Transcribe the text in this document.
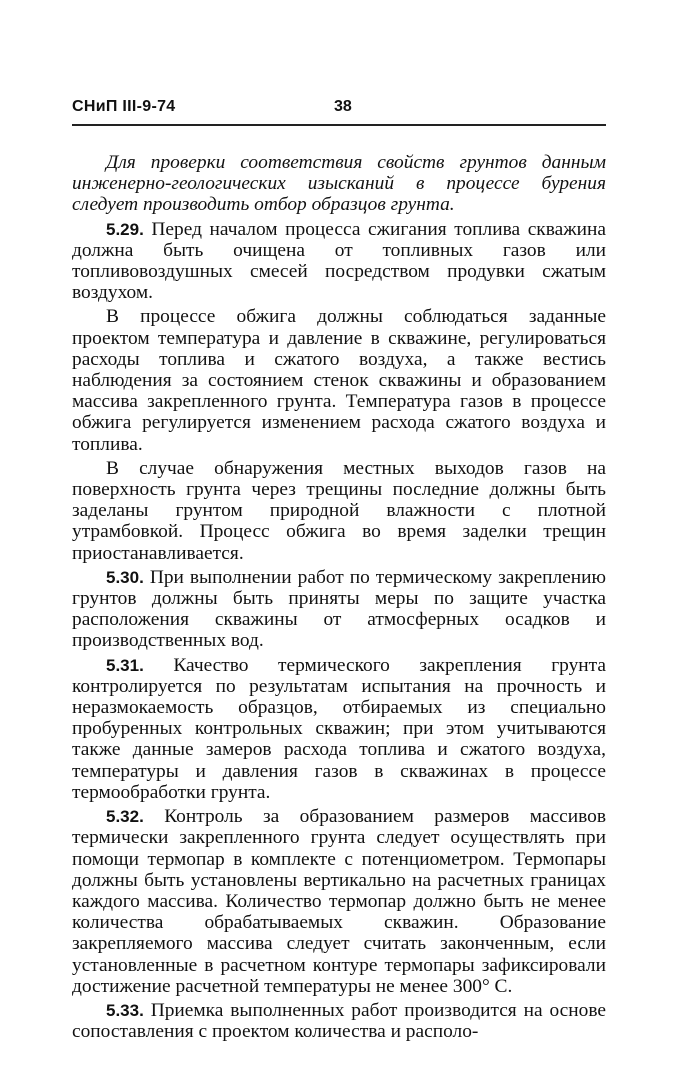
СНиП III-9-74	38

Для проверки соответствия свойств грунтов данным инженерно-геологических изысканий в процессе бурения следует производить отбор образцов грунта.

5.29. Перед началом процесса сжигания топлива скважина должна быть очищена от топливных газов или топливовоздушных смесей посредством продувки сжатым воздухом.

В процессе обжига должны соблюдаться заданные проектом температура и давление в скважине, регулироваться расходы топлива и сжатого воздуха, а также вестись наблюдения за состоянием стенок скважины и образованием массива закрепленного грунта. Температура газов в процессе обжига регулируется изменением расхода сжатого воздуха и топлива.

В случае обнаружения местных выходов газов на поверхность грунта через трещины последние должны быть заделаны грунтом природной влажности с плотной утрамбовкой. Процесс обжига во время заделки трещин приостанавливается.

5.30. При выполнении работ по термическому закреплению грунтов должны быть приняты меры по защите участка расположения скважины от атмосферных осадков и производственных вод.

5.31. Качество термического закрепления грунта контролируется по результатам испытания на прочность и неразмокаемость образцов, отбираемых из специально пробуренных контрольных скважин; при этом учитываются также данные замеров расхода топлива и сжатого воздуха, температуры и давления газов в скважинах в процессе термообработки грунта.

5.32. Контроль за образованием размеров массивов термически закрепленного грунта следует осуществлять при помощи термопар в комплекте с потенциометром. Термопары должны быть установлены вертикально на расчетных границах каждого массива. Количество термопар должно быть не менее количества обрабатываемых скважин. Образование закрепляемого массива следует считать законченным, если установленные в расчетном контуре термопары зафиксировали достижение расчетной температуры не менее 300° С.

5.33. Приемка выполненных работ производится на основе сопоставления с проектом количества и располо-
